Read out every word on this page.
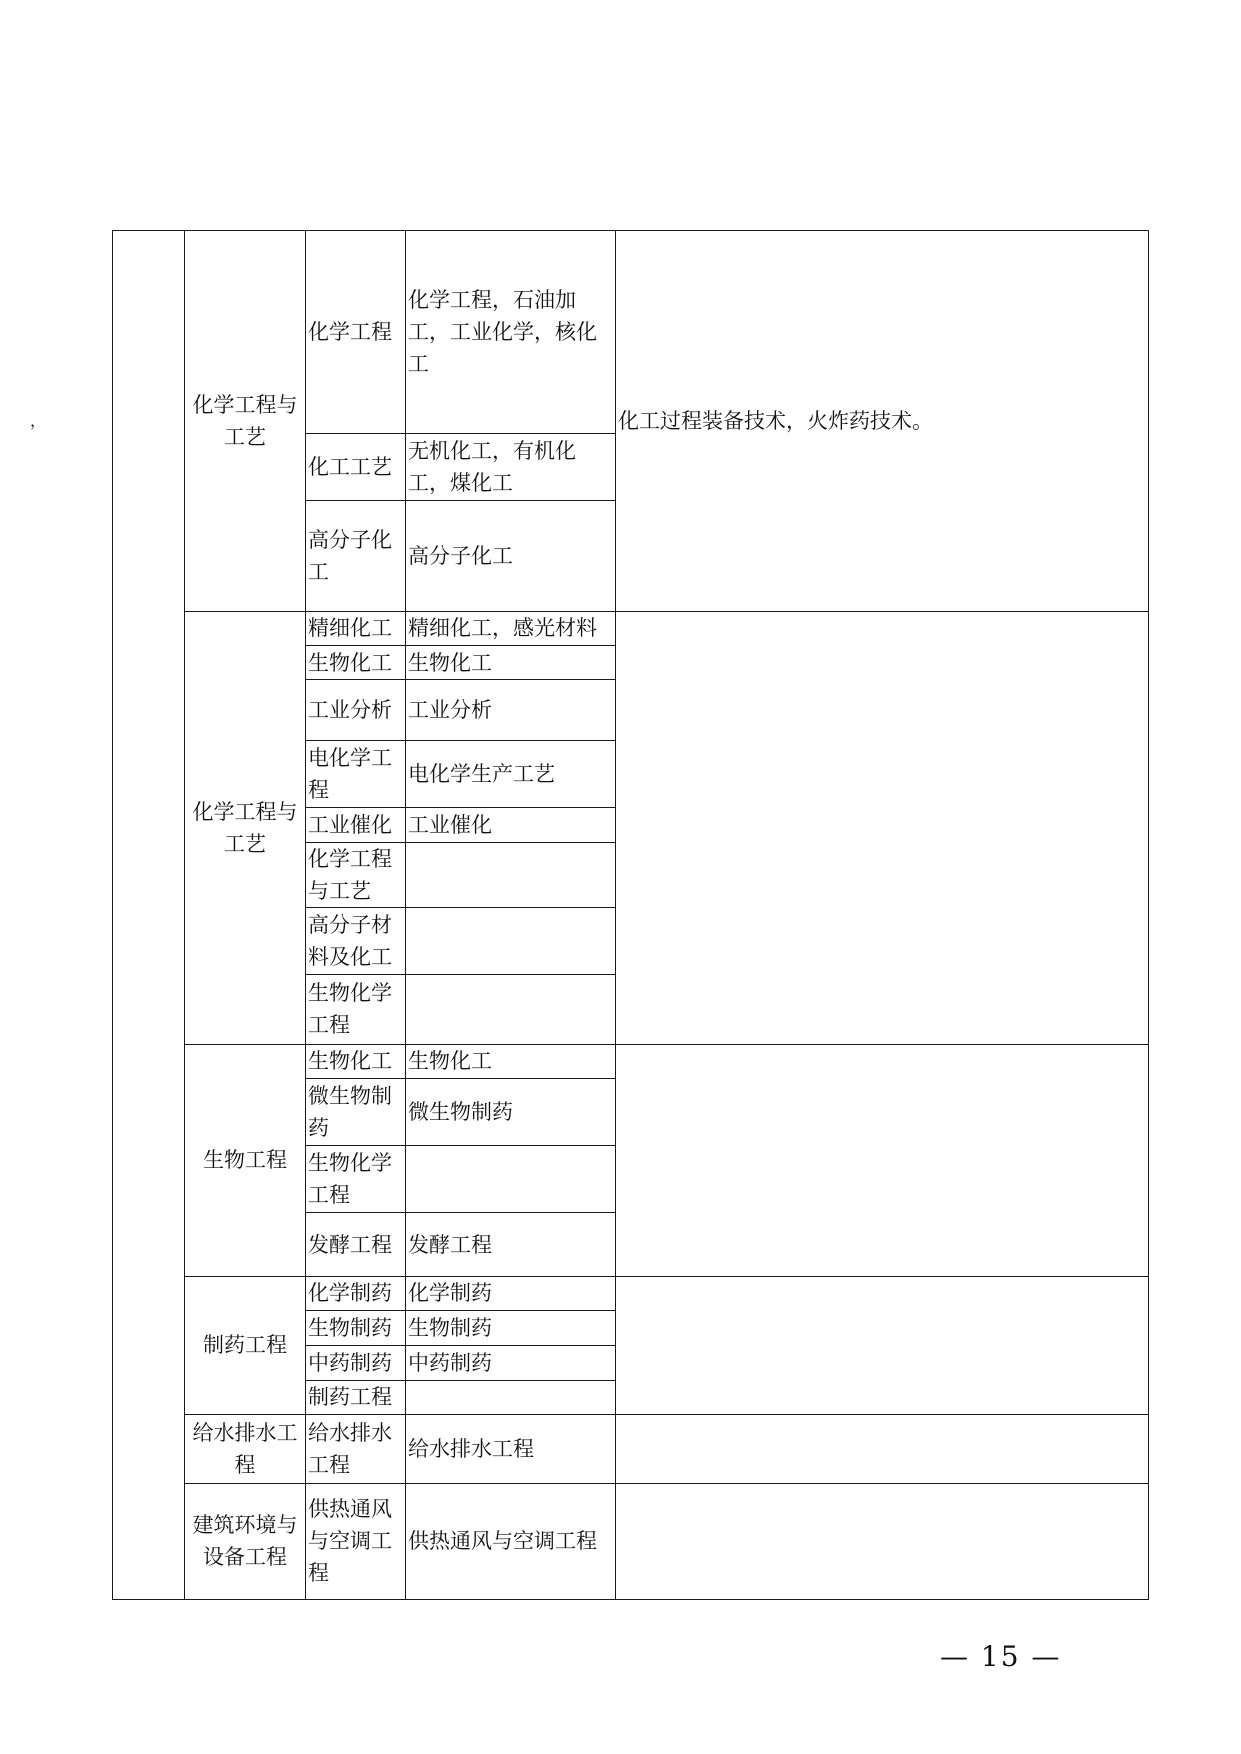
，
	化学工程与工艺	化学工程	化学工程，石油加工，工业化学，核化工	化工过程装备技术，火炸药技术。
		化工工艺	无机化工，有机化工，煤化工	
		高分子化工	高分子化工	
	化学工程与工艺	精细化工	精细化工，感光材料	
		生物化工	生物化工	
		工业分析	工业分析	
		电化学工程	电化学生产工艺	
		工业催化	工业催化	
		化学工程与工艺		
		高分子材料及化工		
		生物化学工程		
	生物工程	生物化工	生物化工	
		微生物制药	微生物制药	
		生物化学工程		
		发酵工程	发酵工程	
	制药工程	化学制药	化学制药	
		生物制药	生物制药	
		中药制药	中药制药	
		制药工程		
	给水排水工程	给水排水工程	给水排水工程	
	建筑环境与设备工程	供热通风与空调工程	供热通风与空调工程	
— 15 —
